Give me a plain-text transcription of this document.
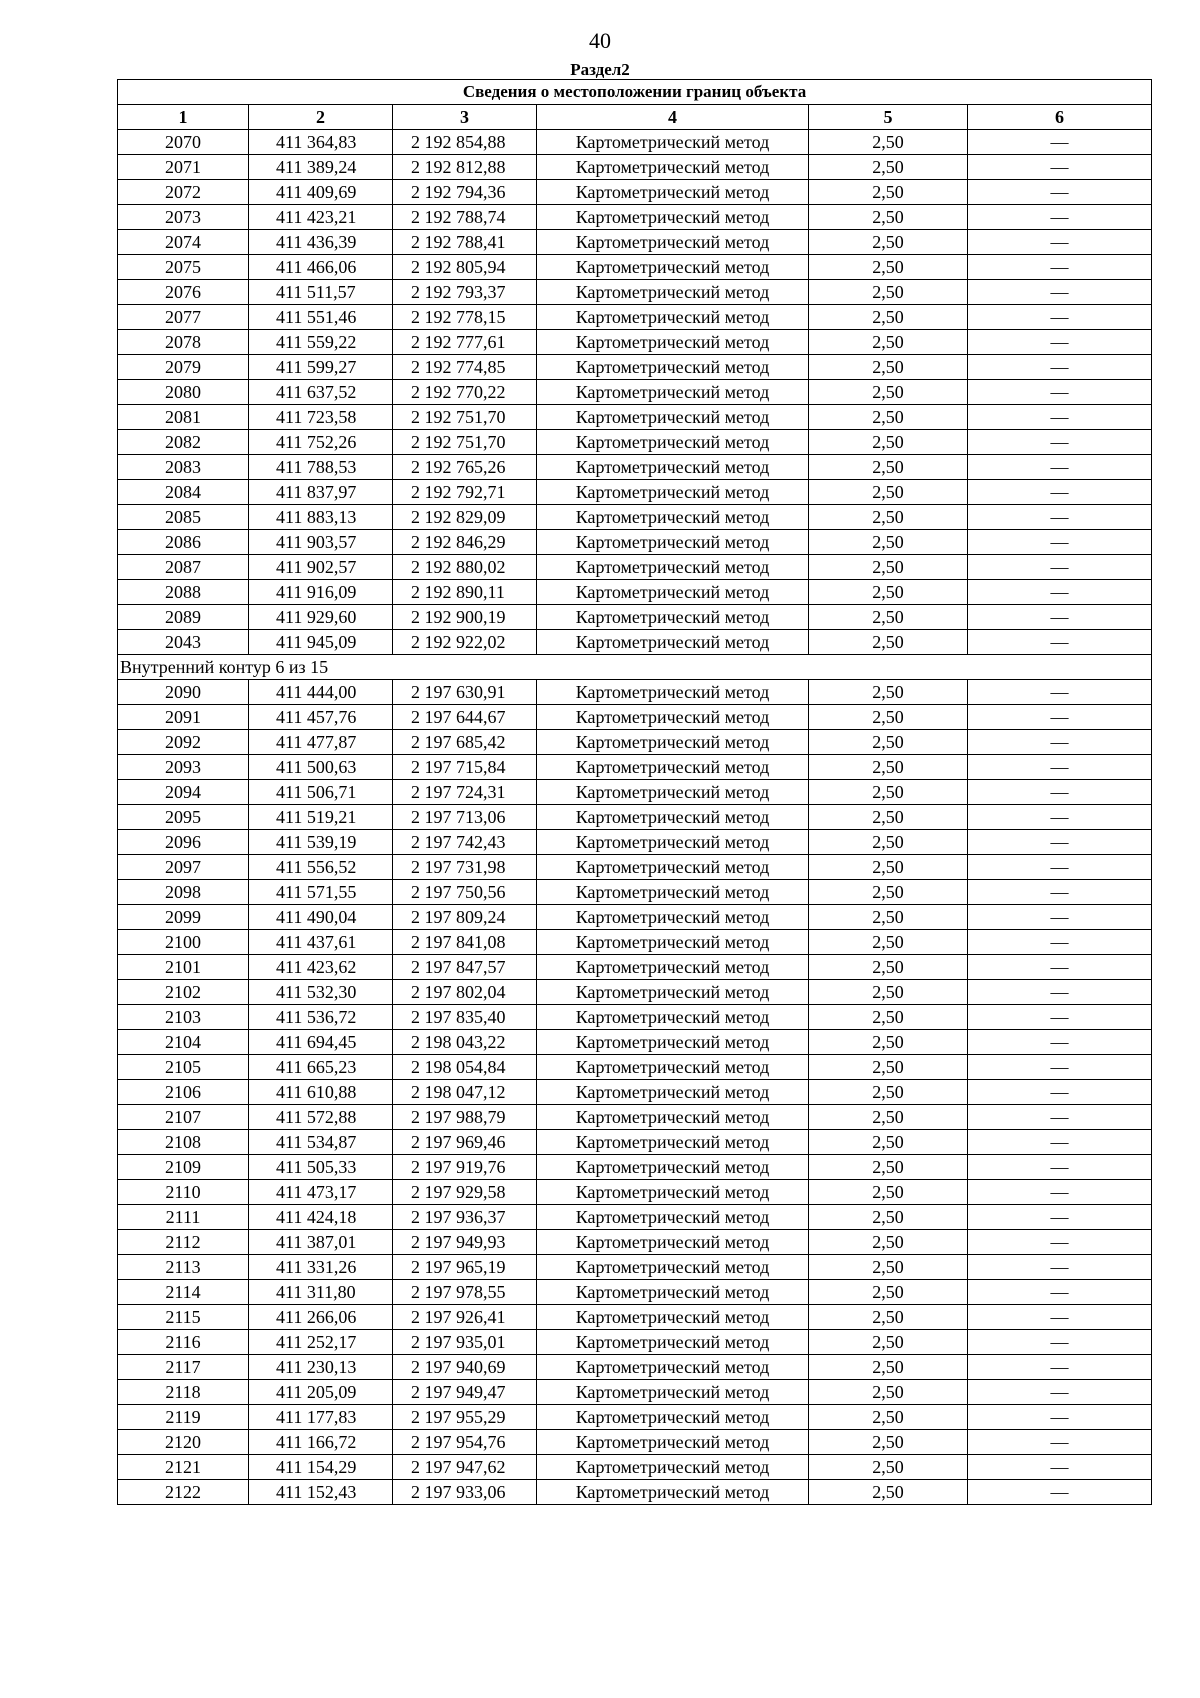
40
Раздел2
Сведения о местоположении границ объекта					
1	2	3	4	5	6
2070	411 364,83	2 192 854,88	Картометрический метод	2,50	—
2071	411 389,24	2 192 812,88	Картометрический метод	2,50	—
2072	411 409,69	2 192 794,36	Картометрический метод	2,50	—
2073	411 423,21	2 192 788,74	Картометрический метод	2,50	—
2074	411 436,39	2 192 788,41	Картометрический метод	2,50	—
2075	411 466,06	2 192 805,94	Картометрический метод	2,50	—
2076	411 511,57	2 192 793,37	Картометрический метод	2,50	—
2077	411 551,46	2 192 778,15	Картометрический метод	2,50	—
2078	411 559,22	2 192 777,61	Картометрический метод	2,50	—
2079	411 599,27	2 192 774,85	Картометрический метод	2,50	—
2080	411 637,52	2 192 770,22	Картометрический метод	2,50	—
2081	411 723,58	2 192 751,70	Картометрический метод	2,50	—
2082	411 752,26	2 192 751,70	Картометрический метод	2,50	—
2083	411 788,53	2 192 765,26	Картометрический метод	2,50	—
2084	411 837,97	2 192 792,71	Картометрический метод	2,50	—
2085	411 883,13	2 192 829,09	Картометрический метод	2,50	—
2086	411 903,57	2 192 846,29	Картометрический метод	2,50	—
2087	411 902,57	2 192 880,02	Картометрический метод	2,50	—
2088	411 916,09	2 192 890,11	Картометрический метод	2,50	—
2089	411 929,60	2 192 900,19	Картометрический метод	2,50	—
2043	411 945,09	2 192 922,02	Картометрический метод	2,50	—
Внутренний контур 6 из 15					
2090	411 444,00	2 197 630,91	Картометрический метод	2,50	—
2091	411 457,76	2 197 644,67	Картометрический метод	2,50	—
2092	411 477,87	2 197 685,42	Картометрический метод	2,50	—
2093	411 500,63	2 197 715,84	Картометрический метод	2,50	—
2094	411 506,71	2 197 724,31	Картометрический метод	2,50	—
2095	411 519,21	2 197 713,06	Картометрический метод	2,50	—
2096	411 539,19	2 197 742,43	Картометрический метод	2,50	—
2097	411 556,52	2 197 731,98	Картометрический метод	2,50	—
2098	411 571,55	2 197 750,56	Картометрический метод	2,50	—
2099	411 490,04	2 197 809,24	Картометрический метод	2,50	—
2100	411 437,61	2 197 841,08	Картометрический метод	2,50	—
2101	411 423,62	2 197 847,57	Картометрический метод	2,50	—
2102	411 532,30	2 197 802,04	Картометрический метод	2,50	—
2103	411 536,72	2 197 835,40	Картометрический метод	2,50	—
2104	411 694,45	2 198 043,22	Картометрический метод	2,50	—
2105	411 665,23	2 198 054,84	Картометрический метод	2,50	—
2106	411 610,88	2 198 047,12	Картометрический метод	2,50	—
2107	411 572,88	2 197 988,79	Картометрический метод	2,50	—
2108	411 534,87	2 197 969,46	Картометрический метод	2,50	—
2109	411 505,33	2 197 919,76	Картометрический метод	2,50	—
2110	411 473,17	2 197 929,58	Картометрический метод	2,50	—
2111	411 424,18	2 197 936,37	Картометрический метод	2,50	—
2112	411 387,01	2 197 949,93	Картометрический метод	2,50	—
2113	411 331,26	2 197 965,19	Картометрический метод	2,50	—
2114	411 311,80	2 197 978,55	Картометрический метод	2,50	—
2115	411 266,06	2 197 926,41	Картометрический метод	2,50	—
2116	411 252,17	2 197 935,01	Картометрический метод	2,50	—
2117	411 230,13	2 197 940,69	Картометрический метод	2,50	—
2118	411 205,09	2 197 949,47	Картометрический метод	2,50	—
2119	411 177,83	2 197 955,29	Картометрический метод	2,50	—
2120	411 166,72	2 197 954,76	Картометрический метод	2,50	—
2121	411 154,29	2 197 947,62	Картометрический метод	2,50	—
2122	411 152,43	2 197 933,06	Картометрический метод	2,50	—
